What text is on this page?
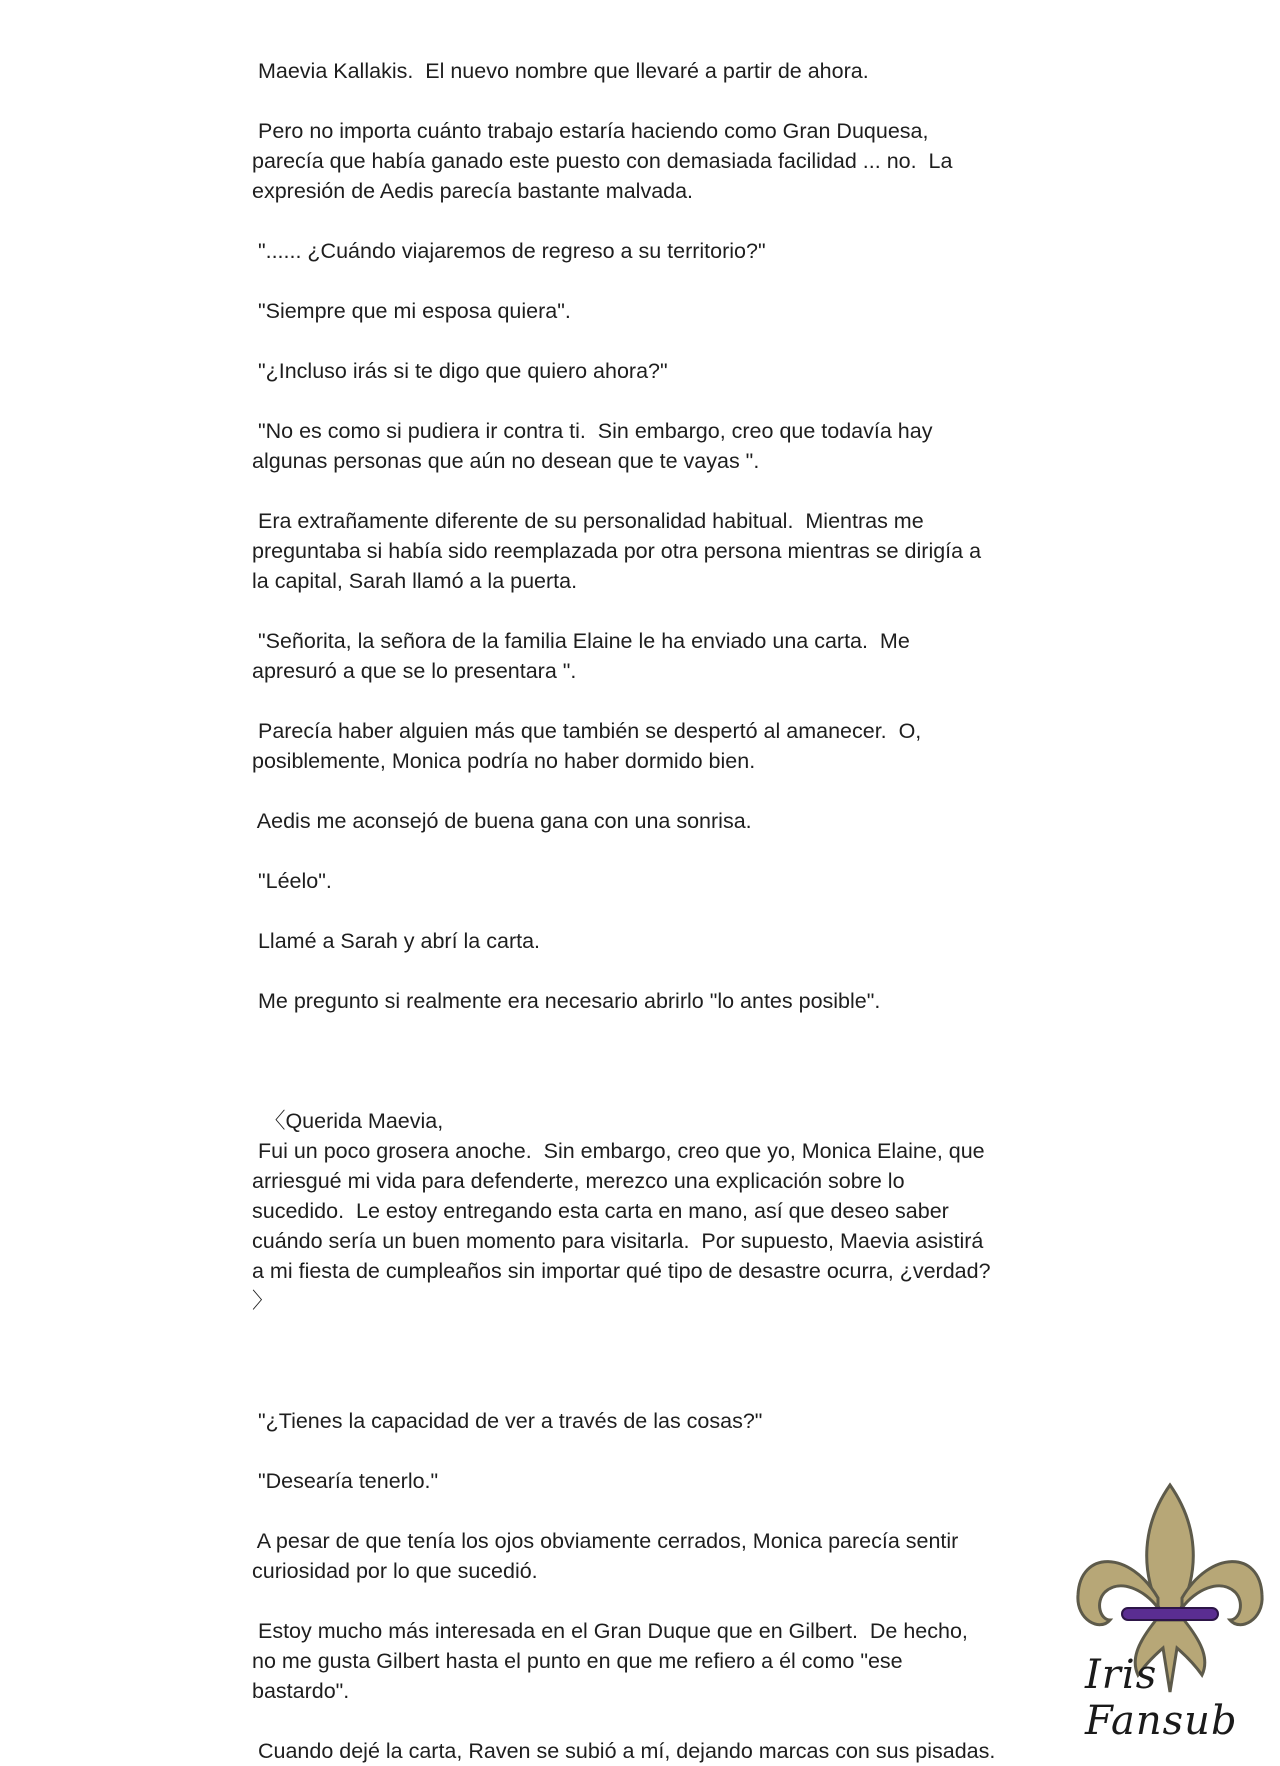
Maevia Kallakis.  El nuevo nombre que llevaré a partir de ahora.

Pero no importa cuánto trabajo estaría haciendo como Gran Duquesa,
parecía que había ganado este puesto con demasiada facilidad ... no.  La
expresión de Aedis parecía bastante malvada.

"...... ¿Cuándo viajaremos de regreso a su territorio?"

"Siempre que mi esposa quiera".

"¿Incluso irás si te digo que quiero ahora?"

"No es como si pudiera ir contra ti.  Sin embargo, creo que todavía hay
algunas personas que aún no desean que te vayas ".

Era extrañamente diferente de su personalidad habitual.  Mientras me
preguntaba si había sido reemplazada por otra persona mientras se dirigía a
la capital, Sarah llamó a la puerta.

"Señorita, la señora de la familia Elaine le ha enviado una carta.  Me
apresuró a que se lo presentara ".

Parecía haber alguien más que también se despertó al amanecer.  O,
posiblemente, Monica podría no haber dormido bien.

Aedis me aconsejó de buena gana con una sonrisa.

"Léelo".

Llamé a Sarah y abrí la carta.

Me pregunto si realmente era necesario abrirlo "lo antes posible".

〈Querida Maevia,
Fui un poco grosera anoche.  Sin embargo, creo que yo, Monica Elaine, que
arriesgué mi vida para defenderte, merezco una explicación sobre lo
sucedido.  Le estoy entregando esta carta en mano, así que deseo saber
cuándo sería un buen momento para visitarla.  Por supuesto, Maevia asistirá
a mi fiesta de cumpleaños sin importar qué tipo de desastre ocurra, ¿verdad?
〉

"¿Tienes la capacidad de ver a través de las cosas?"

"Desearía tenerlo."

A pesar de que tenía los ojos obviamente cerrados, Monica parecía sentir
curiosidad por lo que sucedió.

Estoy mucho más interesada en el Gran Duque que en Gilbert.  De hecho,
no me gusta Gilbert hasta el punto en que me refiero a él como "ese
bastardo".

Cuando dejé la carta, Raven se subió a mí, dejando marcas con sus pisadas.

Iris Fansub
